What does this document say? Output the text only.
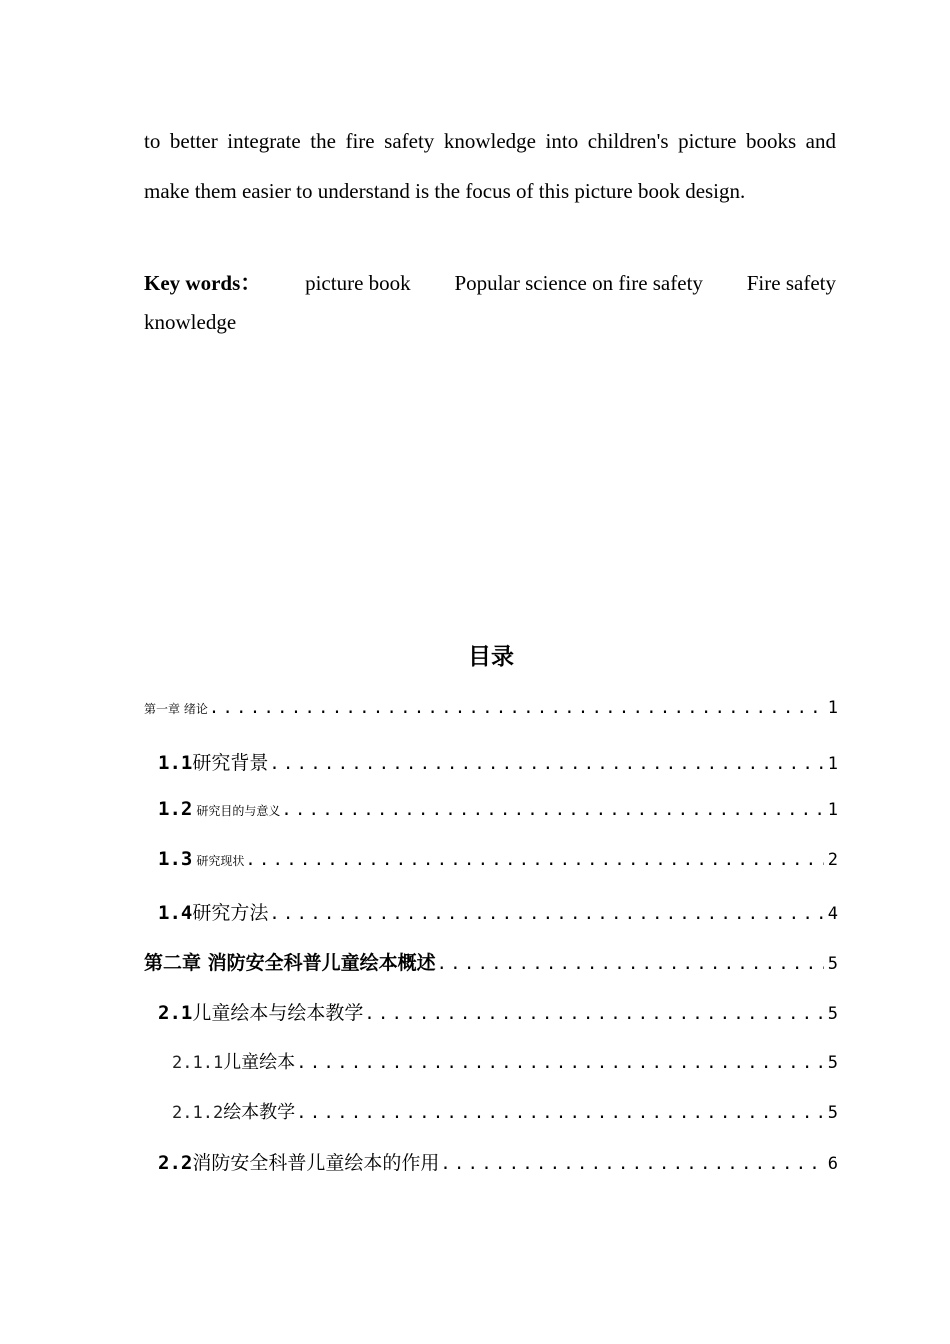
to better integrate the fire safety knowledge into children's picture books and
make them easier to understand is the focus of this picture book design.
Key words： picture book Popular science on fire safety Fire safety
knowledge
目录
第一章 绪论 . . .	1
1.1 研究背景 . . .	1
1.2 研究目的与意义 . . .	1
1.3 研究现状 . . .	2
1.4 研究方法 . . .	4
第二章 消防安全科普儿童绘本概述 . . .	5
2.1 儿童绘本与绘本教学 . . .	5
2.1.1 儿童绘本 . . .	5
2.1.2 绘本教学 . . .	5
2.2 消防安全科普儿童绘本的作用 . . .	6
